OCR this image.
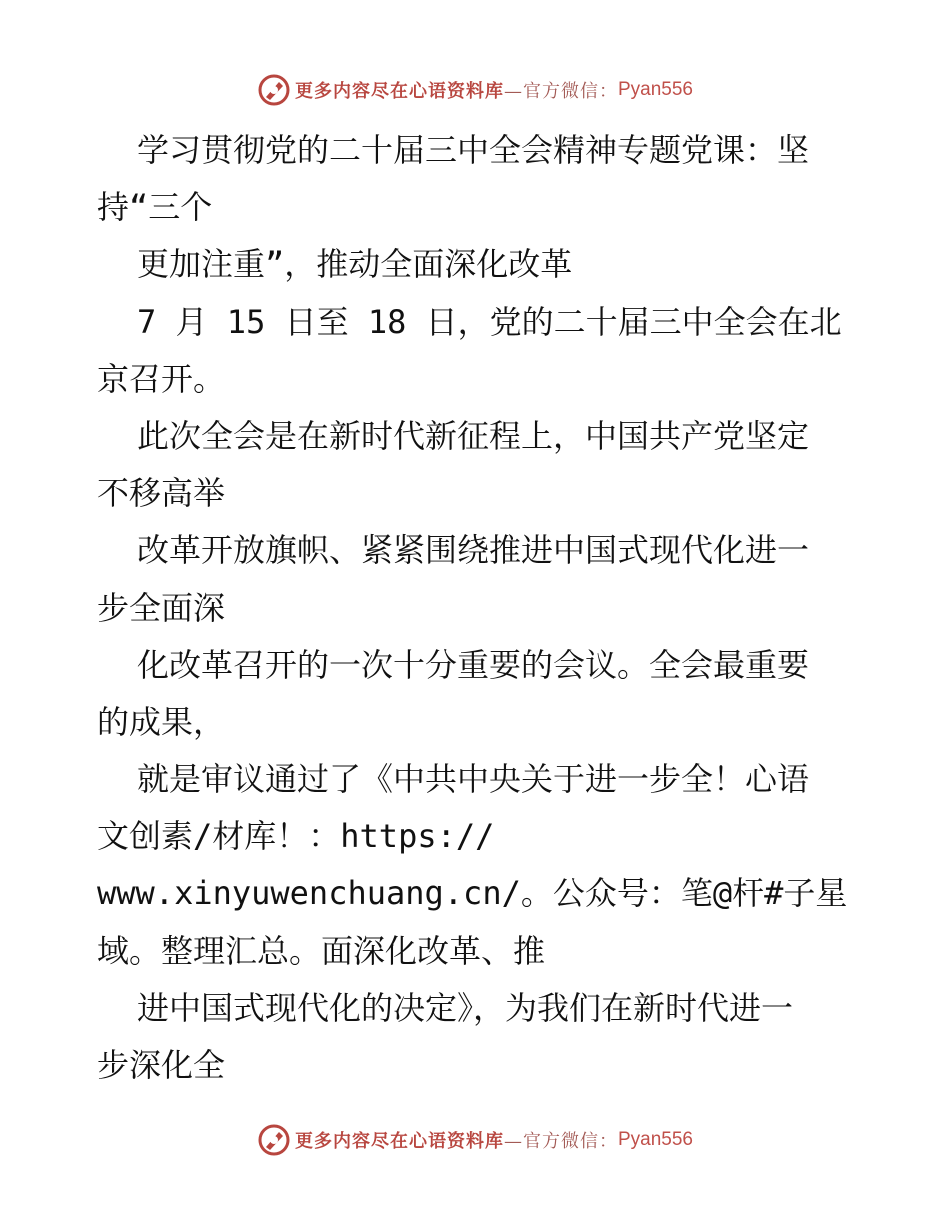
更多内容尽在心语资料库 —官方微信： Pyan556
学习贯彻党的二十届三中全会精神专题党课：坚
持“三个
更加注重”，推动全面深化改革
7 月 15 日至 18 日，党的二十届三中全会在北
京召开。
此次全会是在新时代新征程上，中国共产党坚定
不移高举
改革开放旗帜、紧紧围绕推进中国式现代化进一
步全面深
化改革召开的一次十分重要的会议。全会最重要
的成果，
就是审议通过了《中共中央关于进一步全！心语
文创素/材库！：https://
www.xinyuwenchuang.cn/。公众号：笔@杆#子星
域。整理汇总。面深化改革、推
进中国式现代化的决定》，为我们在新时代进一
步深化全
更多内容尽在心语资料库 —官方微信： Pyan556
